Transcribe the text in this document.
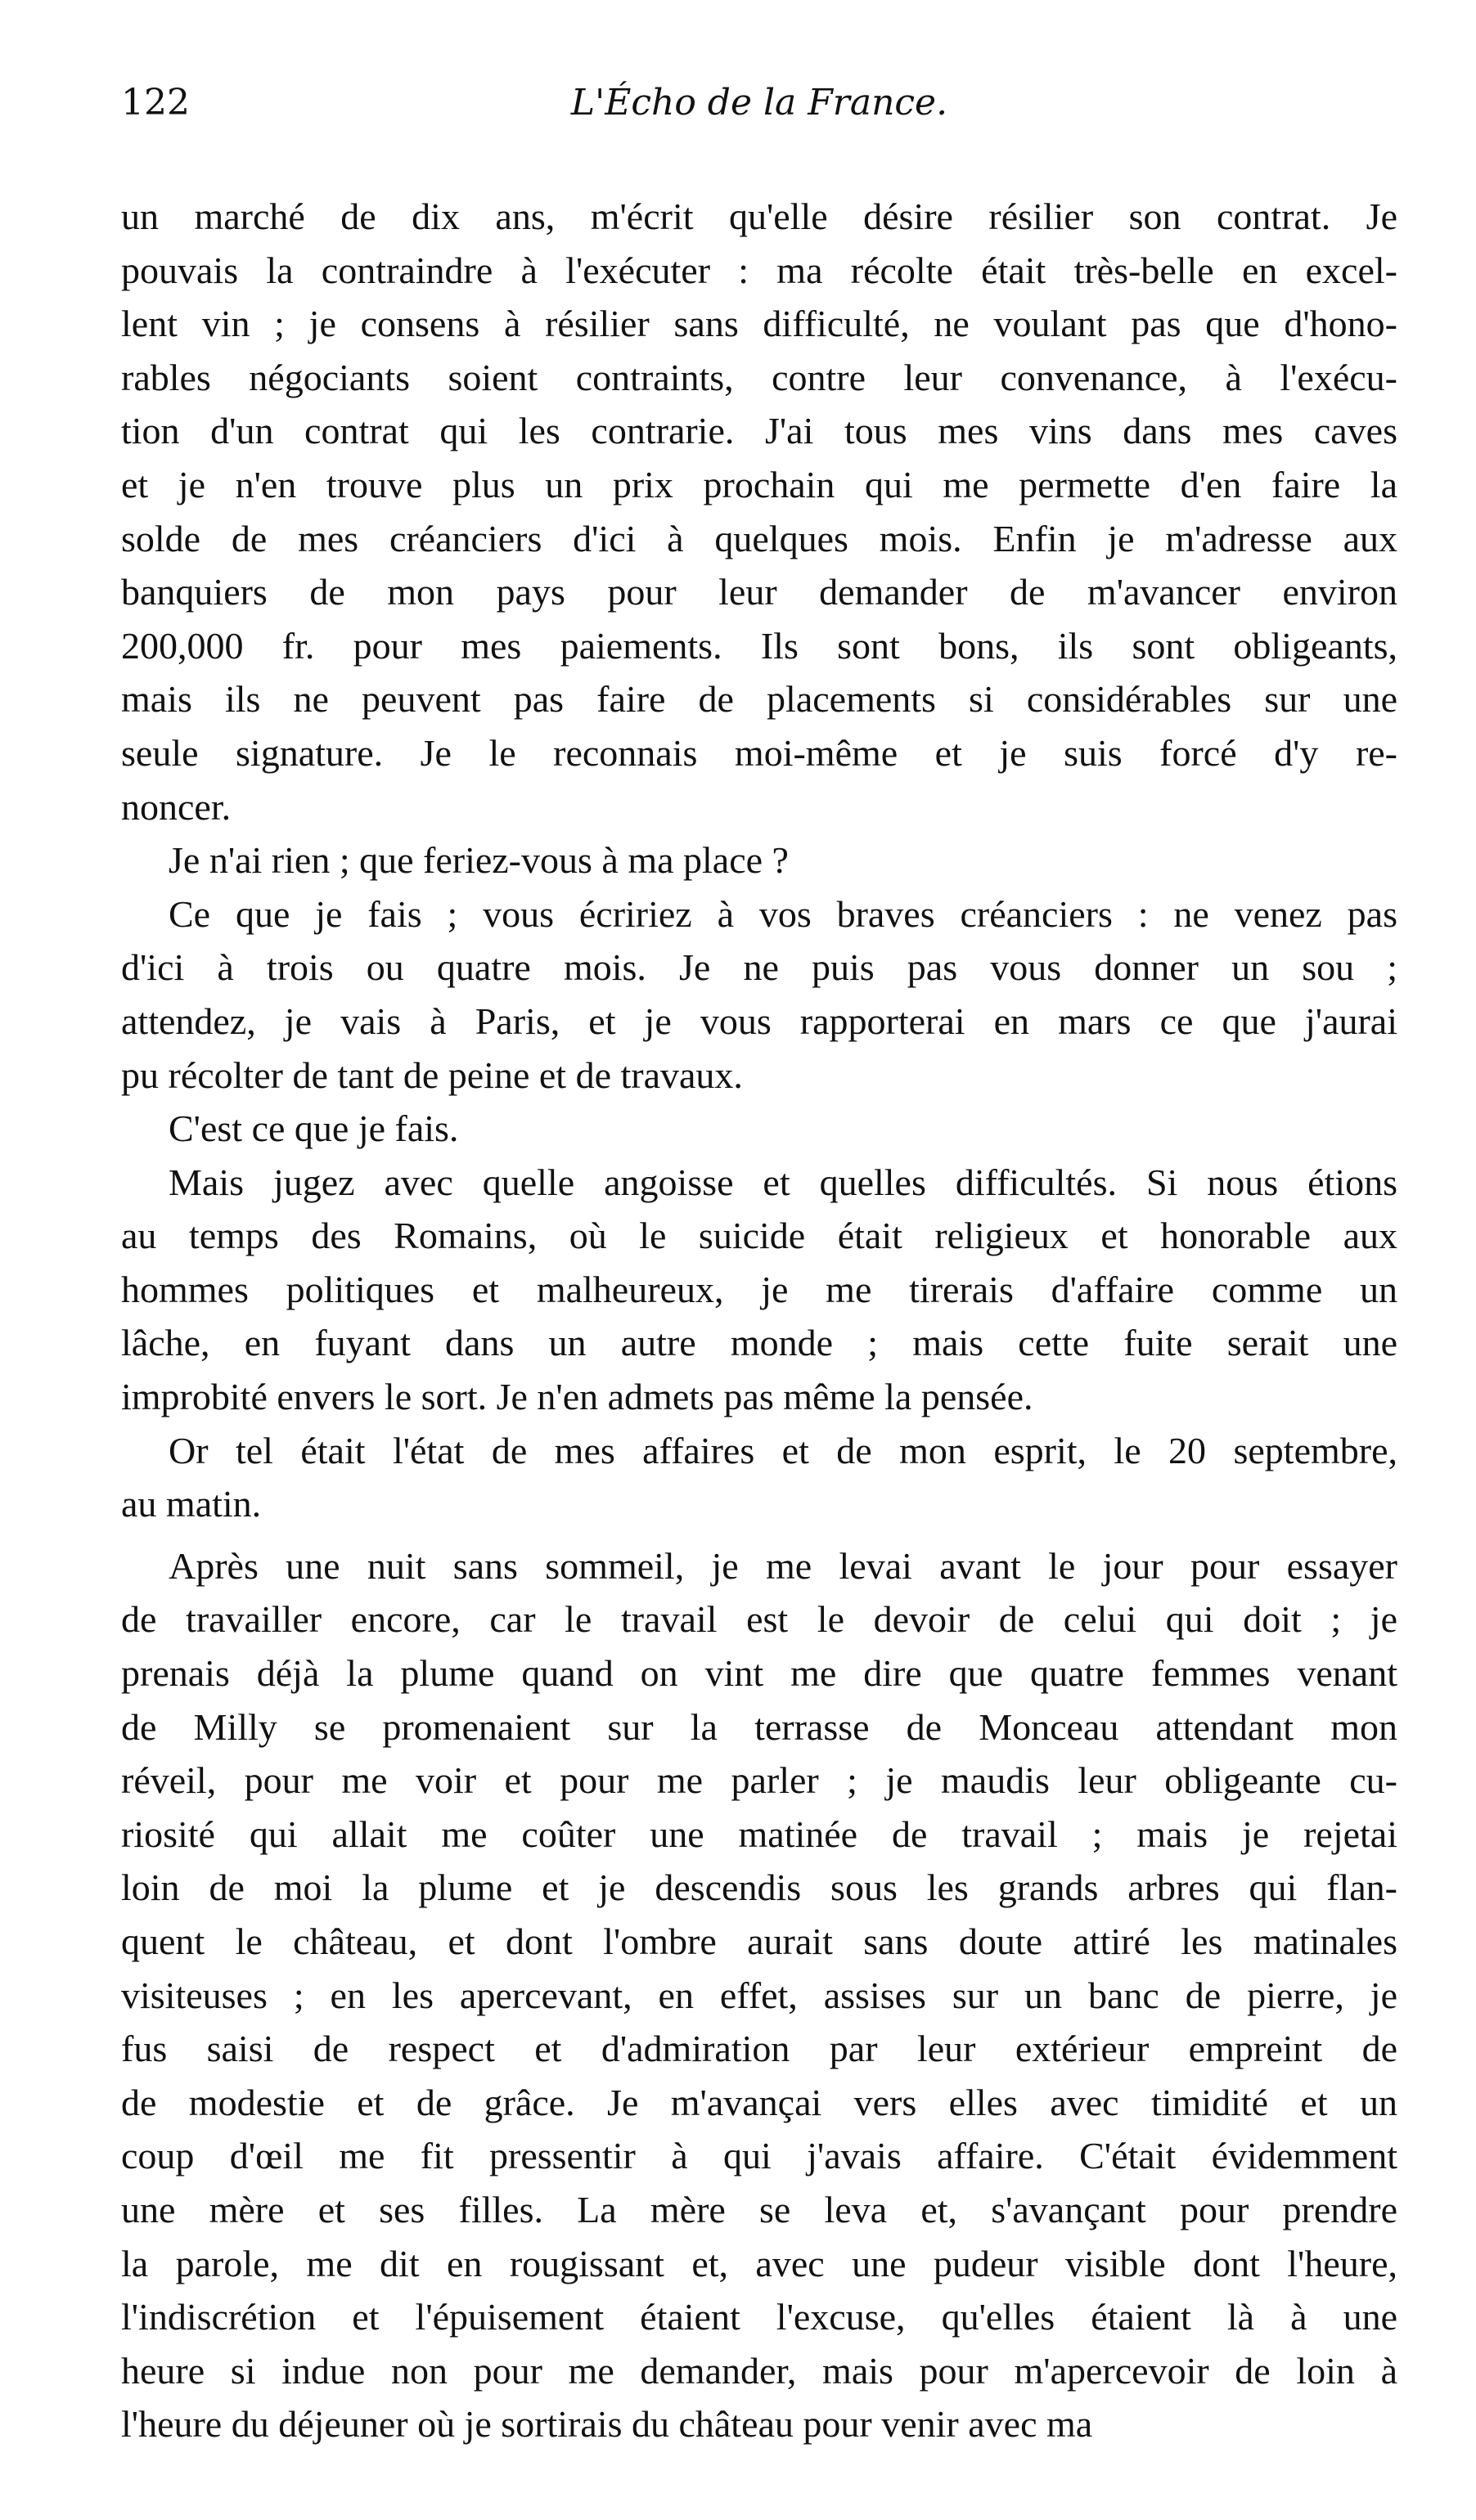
122	L'Écho de la France.
un marché de dix ans, m'écrit qu'elle désire résilier son contrat. Je
pouvais la contraindre à l'exécuter : ma récolte était très-belle en excel-
lent vin ; je consens à résilier sans difficulté, ne voulant pas que d'hono-
rables négociants soient contraints, contre leur convenance, à l'exécu-
tion d'un contrat qui les contrarie. J'ai tous mes vins dans mes caves
et je n'en trouve plus un prix prochain qui me permette d'en faire la
solde de mes créanciers d'ici à quelques mois. Enfin je m'adresse aux
banquiers de mon pays pour leur demander de m'avancer environ
200,000 fr. pour mes paiements. Ils sont bons, ils sont obligeants,
mais ils ne peuvent pas faire de placements si considérables sur une
seule signature. Je le reconnais moi-même et je suis forcé d'y re-
noncer.
Je n'ai rien ; que feriez-vous à ma place ?
Ce que je fais ; vous écririez à vos braves créanciers : ne venez pas
d'ici à trois ou quatre mois. Je ne puis pas vous donner un sou ;
attendez, je vais à Paris, et je vous rapporterai en mars ce que j'aurai
pu récolter de tant de peine et de travaux.
C'est ce que je fais.
Mais jugez avec quelle angoisse et quelles difficultés. Si nous étions
au temps des Romains, où le suicide était religieux et honorable aux
hommes politiques et malheureux, je me tirerais d'affaire comme un
lâche, en fuyant dans un autre monde ; mais cette fuite serait une
improbité envers le sort. Je n'en admets pas même la pensée.
Or tel était l'état de mes affaires et de mon esprit, le 20 septembre,
au matin.
Après une nuit sans sommeil, je me levai avant le jour pour essayer
de travailler encore, car le travail est le devoir de celui qui doit ; je
prenais déjà la plume quand on vint me dire que quatre femmes venant
de Milly se promenaient sur la terrasse de Monceau attendant mon
réveil, pour me voir et pour me parler ; je maudis leur obligeante cu-
riosité qui allait me coûter une matinée de travail ; mais je rejetai
loin de moi la plume et je descendis sous les grands arbres qui flan-
quent le château, et dont l'ombre aurait sans doute attiré les matinales
visiteuses ; en les apercevant, en effet, assises sur un banc de pierre, je
fus saisi de respect et d'admiration par leur extérieur empreint de
de modestie et de grâce. Je m'avançai vers elles avec timidité et un
coup d'œil me fit pressentir à qui j'avais affaire. C'était évidemment
une mère et ses filles. La mère se leva et, s'avançant pour prendre
la parole, me dit en rougissant et, avec une pudeur visible dont l'heure,
l'indiscrétion et l'épuisement étaient l'excuse, qu'elles étaient là à une
heure si indue non pour me demander, mais pour m'apercevoir de loin à
l'heure du déjeuner où je sortirais du château pour venir avec ma
